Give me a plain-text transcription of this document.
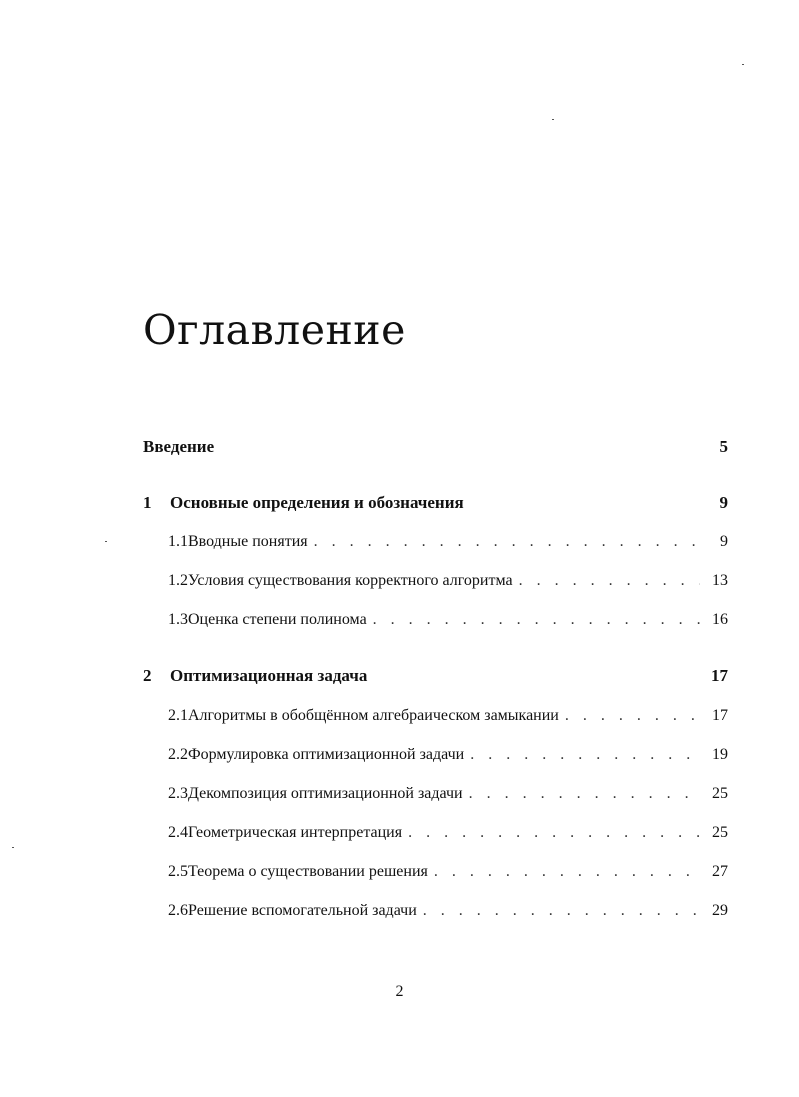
Оглавление
Введение	5
1	Основные определения и обозначения	9
1.1 Вводные понятия . . .	9
1.2 Условия существования корректного алгоритма . . .	13
1.3 Оценка степени полинома . . .	16
2	Оптимизационная задача	17
2.1 Алгоритмы в обобщённом алгебраическом замыкании . . .	17
2.2 Формулировка оптимизационной задачи . . .	19
2.3 Декомпозиция оптимизационной задачи . . .	25
2.4 Геометрическая интерпретация . . .	25
2.5 Теорема о существовании решения . . .	27
2.6 Решение вспомогательной задачи . . .	29
2
